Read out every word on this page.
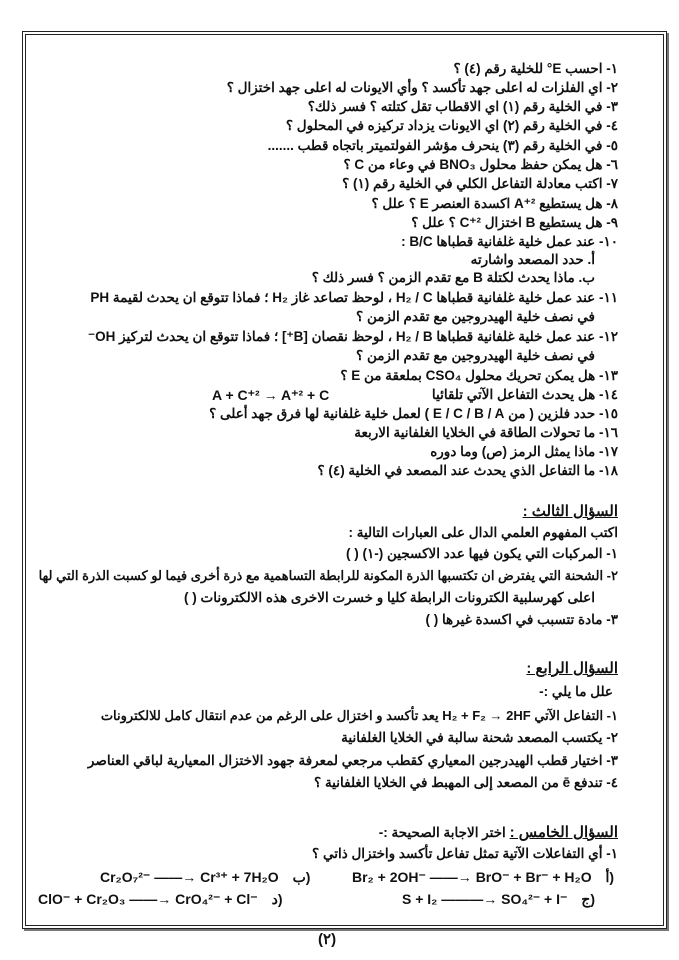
١- احسب E° للخلية رقم (٤) ؟
٢- اي الفلزات له اعلى جهد تأكسد ؟ وأي الايونات له اعلى جهد اختزال ؟
٣- في الخلية رقم (١) اي الاقطاب تقل كتلته ؟ فسر ذلك؟
٤- في الخلية رقم (٢) اي الايونات يزداد تركيزه في المحلول ؟
٥- في الخلية رقم (٣) ينحرف مؤشر الفولتميتر باتجاه قطب .......
٦- هل يمكن حفظ محلول BNO₃ في وعاء من C ؟
٧- اكتب معادلة التفاعل الكلي في الخلية رقم (١) ؟
٨- هل يستطيع A⁺² اكسدة العنصر E ؟ علل ؟
٩- هل يستطيع B اختزال C⁺² ؟ علل ؟
١٠- عند عمل خلية غلفانية قطباها B/C :
أ. حدد المصعد واشارته
ب. ماذا يحدث لكتلة B مع تقدم الزمن ؟ فسر ذلك ؟
١١- عند عمل خلية غلفانية قطباها H₂ / C ، لوحظ تصاعد غاز H₂ ؛ فماذا تتوقع ان يحدث لقيمة PH
في نصف خلية الهيدروجين مع تقدم الزمن ؟
١٢- عند عمل خلية غلفانية قطباها H₂ / B ، لوحظ نقصان [B⁺] ؛ فماذا تتوقع ان يحدث لتركيز OH⁻
في نصف خلية الهيدروجين مع تقدم الزمن ؟
١٣- هل يمكن تحريك محلول CSO₄ بملعقة من E ؟
١٤- هل يحدث التفاعل الآتي تلقائيا
A + C⁺² → A⁺² + C
١٥- حدد فلزين ( من E / C / B / A ) لعمل خلية غلفانية لها فرق جهد أعلى ؟
١٦- ما تحولات الطاقة في الخلايا الغلفانية الاربعة
١٧- ماذا يمثل الرمز (ص) وما دوره
١٨- ما التفاعل الذي يحدث عند المصعد في الخلية (٤) ؟
السؤال الثالث :
اكتب المفهوم العلمي الدال على العبارات التالية :
١- المركبات التي يكون فيها عدد الاكسجين (-١) ( )
٢- الشحنة التي يفترض ان تكتسبها الذرة المكونة للرابطة التساهمية مع ذرة أخرى فيما لو كسبت الذرة التي لها
اعلى كهرسلبية الكترونات الرابطة كليا و خسرت الاخرى هذه الالكترونات ( )
٣- مادة تتسبب في اكسدة غيرها ( )
السؤال الرابع :
علل ما يلي :-
١- التفاعل الآتي H₂ + F₂ → 2HF يعد تأكسد و اختزال على الرغم من عدم انتقال كامل للالكترونات
٢- يكتسب المصعد شحنة سالبة في الخلايا الغلفانية
٣- اختيار قطب الهيدرجين المعياري كقطب مرجعي لمعرفة جهود الاختزال المعيارية لباقي العناصر
٤- تندفع ē من المصعد إلى المهبط في الخلايا الغلفانية ؟
السؤال الخامس : اختر الاجابة الصحيحة :-
١- أي التفاعلات الآتية تمثل تفاعل تأكسد واختزال ذاتي ؟
Br₂ + 2OH⁻ ——→ BrO⁻ + Br⁻ + H₂O أ)
Cr₂O₇²⁻ ——→ Cr³⁺ + 7H₂O ب)
S + I₂ ———→ SO₄²⁻ + I⁻ ج)
ClO⁻ + Cr₂O₃ ——→ CrO₄²⁻ + Cl⁻ د)
(٢)
